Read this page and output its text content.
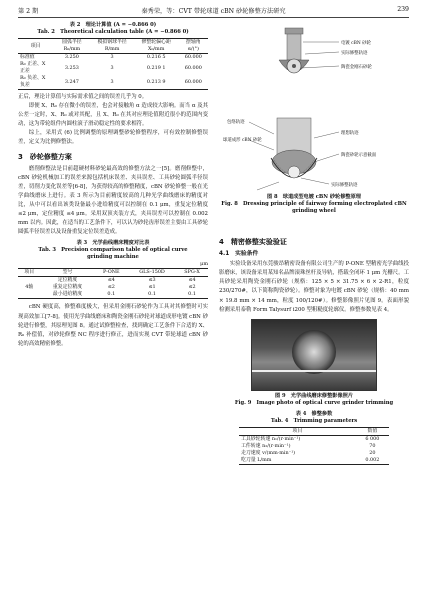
第 2 期	秦秀荣，等：CVT 带轮球道 cBN 砂轮修整方法研究	239
表 2　理论计算值 (A = −0.866 0)
Tab. 2　Theoretical calculation table (A = −0.866 0)
项目	圆弧半径 R₀/mm	模拟钢球半径 R/mm	修整轮偏心距 X₀/mm	摆轴角 α/(°)
标准值	3.250	3	0.216 5	60.000
R₀ 正差、X 正差	3.253	3	0.219 1	60.000
R₀ 负差、X 负差	3.247	3	0.213 9	60.000

正后，理论计算值与实际需求值之间的误差几乎为 0。

即便 X、R₀ 存在微小的误差，也会对接触角 α 造成较大影响。而当 α 及其公差一定时，X、R₀ 或对其配，且 X、R₀ 在其对应理论值附近很小的范围内变动，这为带轮组件内圆柱滚子滑动稳定性的要求相符。

综上，采用式 (6) 比例调整的原理调整砂轮修整程序，可有效控制修整误差，定义为比例修整法。

3　砂轮修整方案

磨削修整法是目前超硬材料砂轮最高效的修整方法之一[5]。磨削修整中，cBN 砂轮机械加工的误差来源包括机床误差、夹具误差、工具砂轮圆弧半径误差，切削力变化误差等[6-8]，为获得较高的修整精度，cBN 砂轮修整一般在光学曲线磨床上进行。表 3 所示为目前精度较高的几种光学曲线磨床的精度对比，从中可以看出该类设备最小进给精度可以控制在 0.1 μm，重复定位精度 ≤2 μm，定位精度 ≤4 μm。采用双顶夹装方式，夹具误差可以控制在 0.002 mm 以内。因此，在适当的工艺条件下，可以认为砂轮齿形误差主要由工具砂轮圆弧半径误差以及设备重复定位误差造成。

表 3　光学曲线磨床精度对比表
Tab. 3　Precision comparison table of optical curve
grinding machine
μm
项目	型号	P-ONE	GLS-150D	SPG-X
4轴	定位精度	≤4	≤3	≤4
	重复定位精度	≤2	≤1	≤2
	最小进给精度	0.1	0.1	0.1

cBN 硬度高，修整难度极大，但采用金刚石砂轮作为工具对其修整时可实现高效加工[7-8]。使用光学曲线磨床和陶瓷金刚石砂轮对球道成形电镀 cBN 砂轮进行修整，其原理见图 8。通过试修整检查，找到确定工艺条件下合适的 X、R₀ 补偿值，对砂轮修整 NC 程序进行修正，进而实现 CVT 带轮球道 cBN 砂轮的高效精密修整。

电镀 cBN 砂轮
实际修整轨迹
陶瓷金刚石砂轮
包络轨迹
球道成形 cBN 砂轮
理想轨迹
陶瓷砂轮示意截面
实际修整轨迹
图 8　球道成型电镀 cBN 砂轮修整原理
Fig. 8　Dressing principle of fairway forming electroplated cBN
grinding wheel
4　精密修整实验验证
4.1　实验条件

实验设备采用东莞骏昂精密设备有限公司生产的 P-ONE 型精密光学曲线投影磨床，该设备采用某知名品牌滚珠丝杆及导轨，搭载全闭环 1 μm 光栅尺。工具砂轮采用陶瓷金刚石砂轮（规格：125 × 5 × 31.75 × 6 × 2-R1，粒度 230/270#，以下简称陶瓷砂轮）。修整对象为电镀 cBN 砂轮（规格：40 mm × 19.8 mm × 14 mm，粒度 100/120#）。修整影像照片见图 9。表面形貌检测采用泰勒 Form Talysurf i200 型粗糙度轮廓仪。修整参数见表 4。

图 9　光学曲线磨床修整影像照片
Fig. 9　Image photo of optical curve grinder trimming
表 4　修整参数
Tab. 4　Trimming parameters
项目	数值
工具砂轮转速 n₁/(r·min⁻¹)	6 000
工件转速 n₂/(r·min⁻¹)	70
走刀速度 v/(mm·min⁻¹)	20
吃刀量 L/mm	0.002
